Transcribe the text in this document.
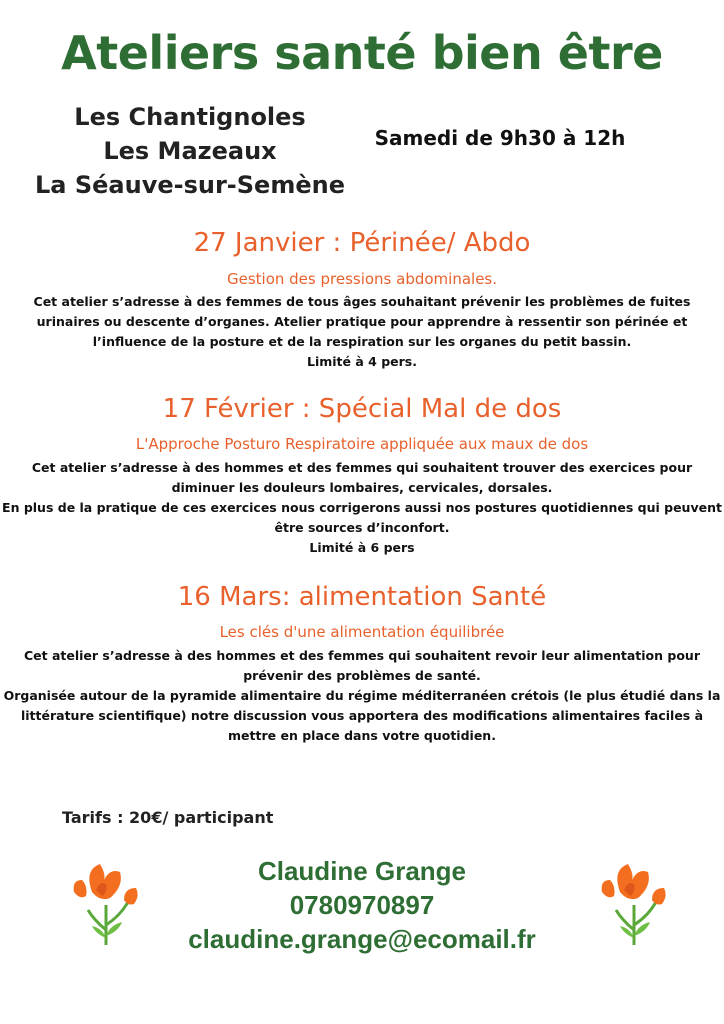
Ateliers santé bien être
Les Chantignoles
Les Mazeaux
La Séauve-sur-Semène
Samedi de 9h30 à 12h
27 Janvier : Périnée/ Abdo
Gestion des pressions abdominales.

Cet atelier s’adresse à des femmes de tous âges souhaitant prévenir les problèmes de fuites urinaires ou descente d’organes. Atelier pratique pour apprendre à ressentir son périnée et l’influence de la posture et de la respiration sur les organes du petit bassin.

Limité à 4 pers.

17 Février : Spécial Mal de dos
L'Approche Posturo Respiratoire appliquée aux maux de dos

Cet atelier s’adresse à des hommes et des femmes qui souhaitent trouver des exercices pour diminuer les douleurs lombaires, cervicales, dorsales.

En plus de la pratique de ces exercices nous corrigerons aussi nos postures quotidiennes qui peuvent être sources d’inconfort.

Limité à 6 pers

16 Mars: alimentation Santé
Les clés d'une alimentation équilibrée

Cet atelier s’adresse à des hommes et des femmes qui souhaitent revoir leur alimentation pour prévenir des problèmes de santé.

Organisée autour de la pyramide alimentaire du régime méditerranéen crétois (le plus étudié dans la littérature scientifique) notre discussion vous apportera des modifications alimentaires faciles à mettre en place dans votre quotidien.

Tarifs : 20€/ participant
Claudine Grange
0780970897
claudine.grange@ecomail.fr
